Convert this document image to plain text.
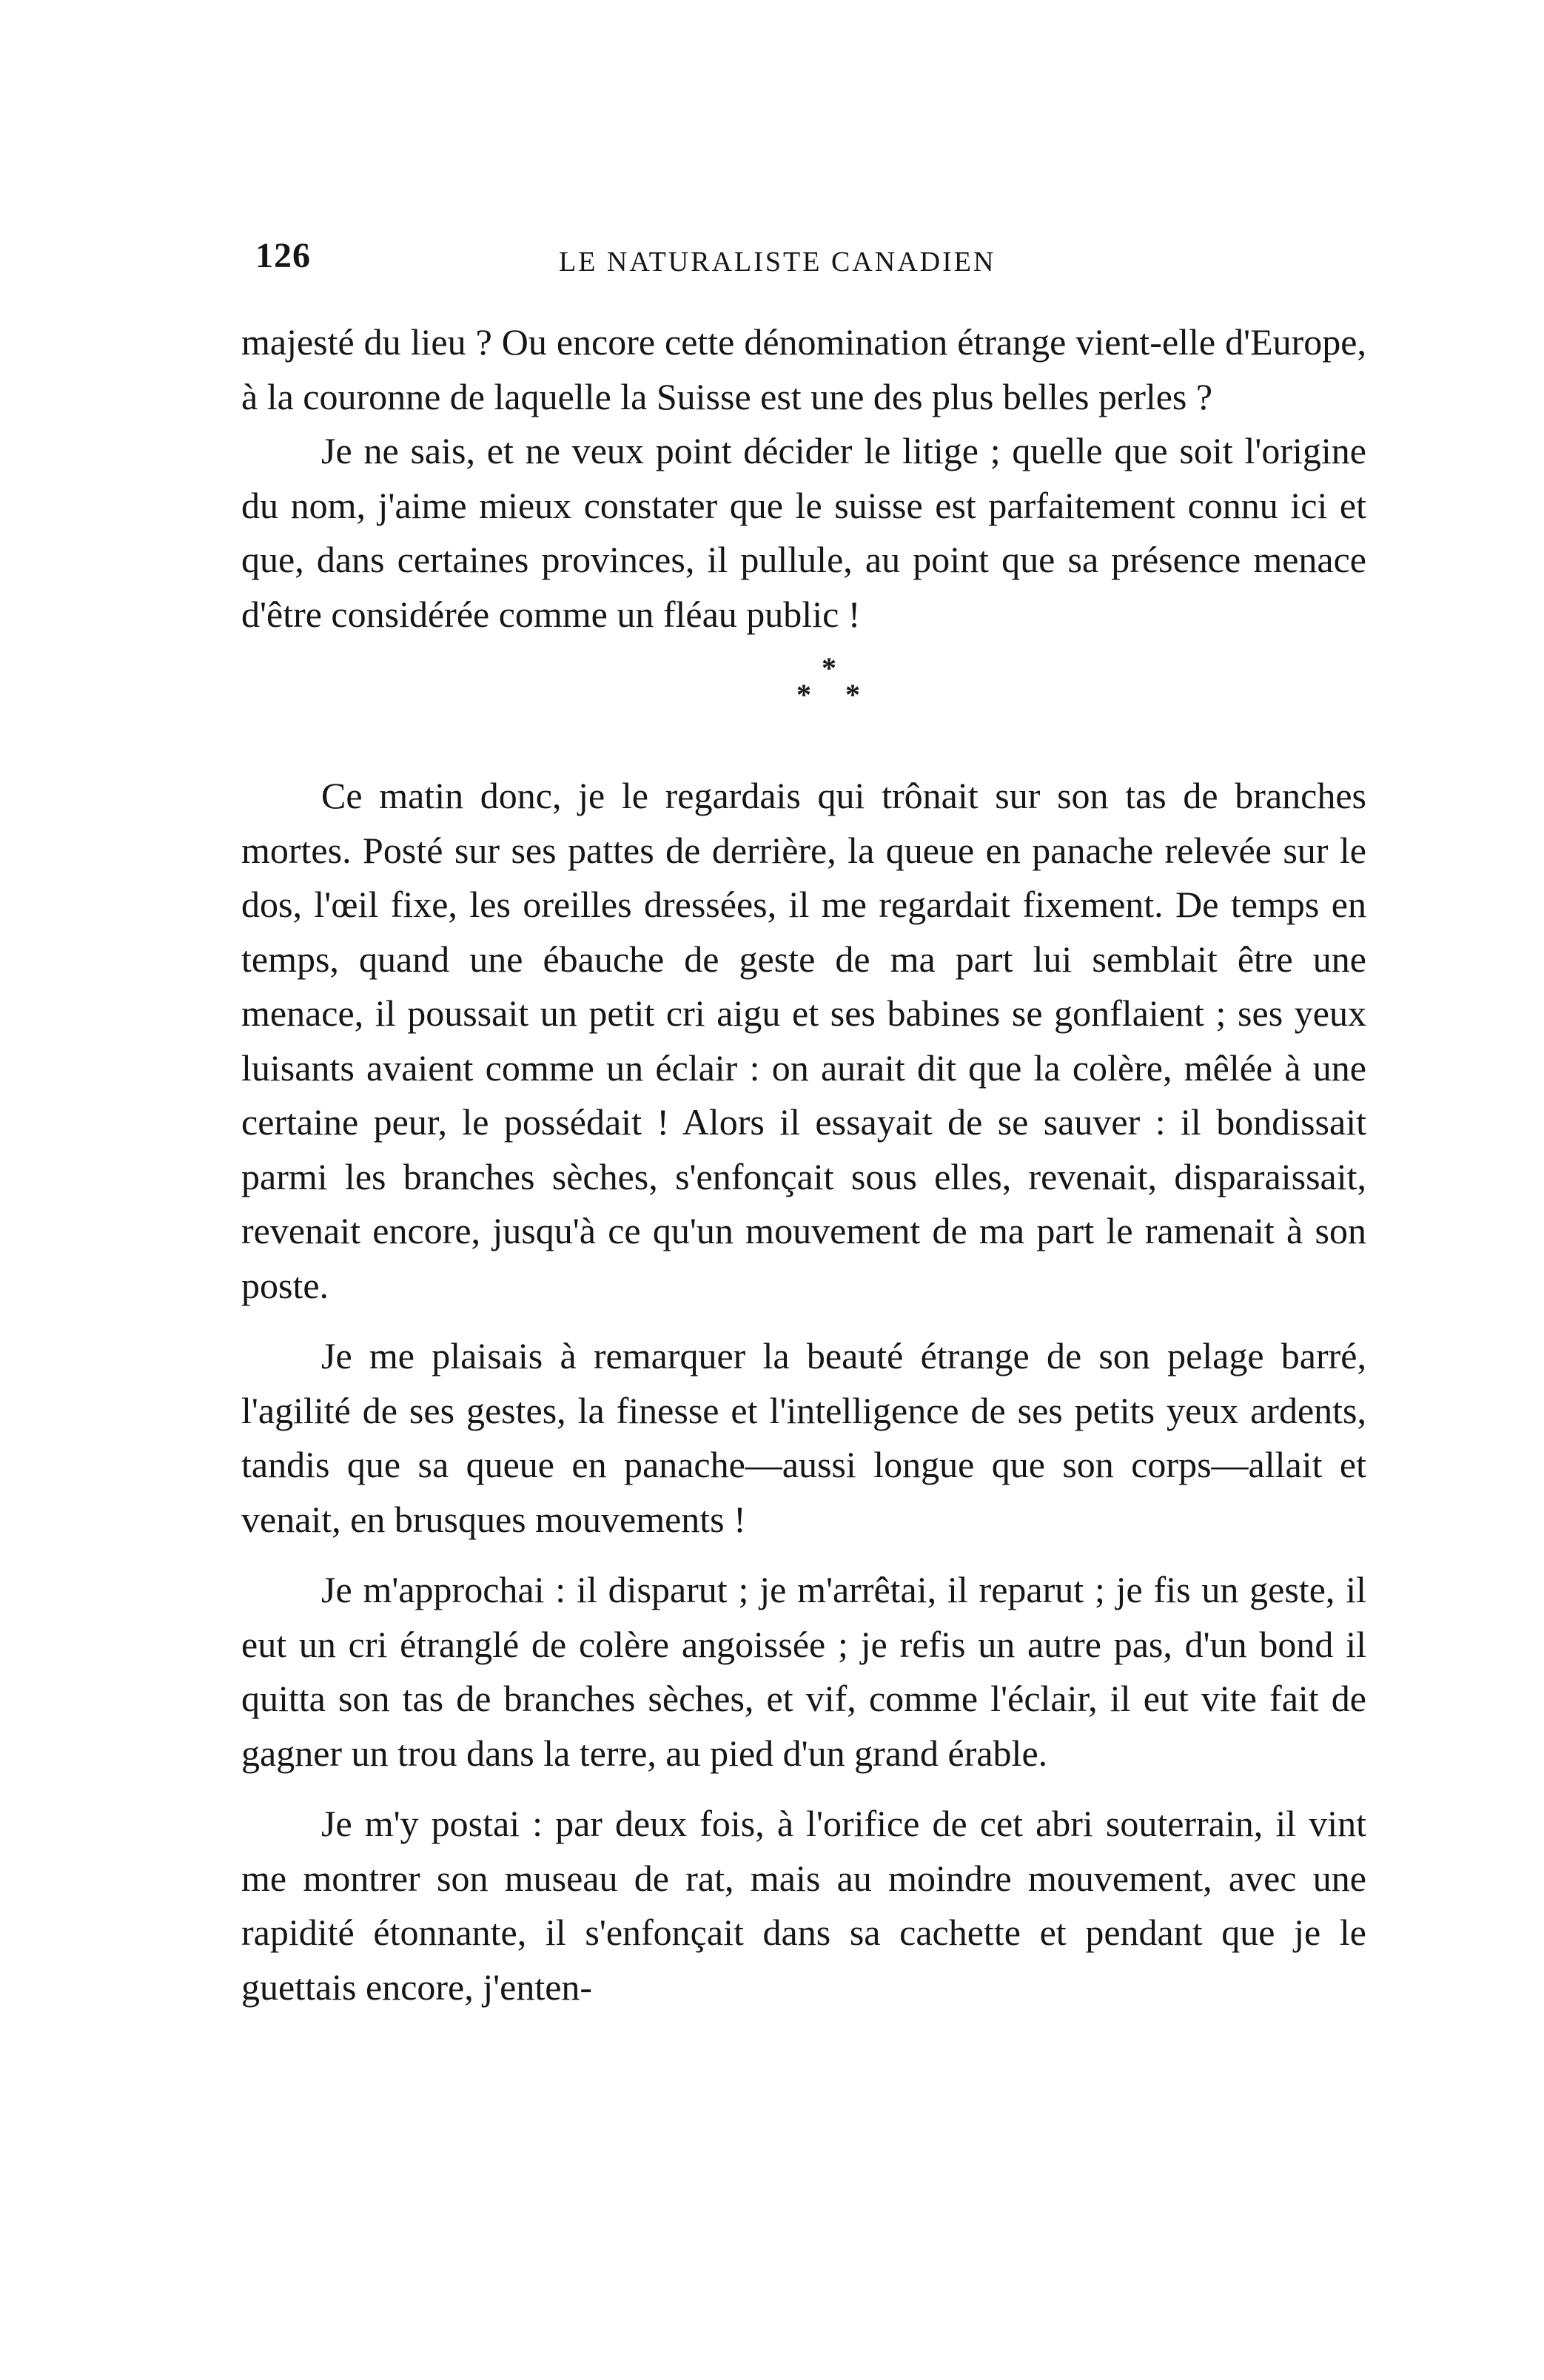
126	LE NATURALISTE CANADIEN

majesté du lieu ? Ou encore cette dénomination étrange vient-elle d'Europe, à la couronne de laquelle la Suisse est une des plus belles perles ?

Je ne sais, et ne veux point décider le litige ; quelle que soit l'origine du nom, j'aime mieux constater que le suisse est parfaitement connu ici et que, dans certaines provinces, il pullule, au point que sa présence menace d'être considérée comme un fléau public !

*
* *

Ce matin donc, je le regardais qui trônait sur son tas de branches mortes. Posté sur ses pattes de derrière, la queue en panache relevée sur le dos, l'œil fixe, les oreilles dressées, il me regardait fixement. De temps en temps, quand une ébauche de geste de ma part lui semblait être une menace, il poussait un petit cri aigu et ses babines se gonflaient ; ses yeux luisants avaient comme un éclair : on aurait dit que la colère, mêlée à une certaine peur, le possédait ! Alors il essayait de se sauver : il bondissait parmi les branches sèches, s'enfonçait sous elles, revenait, disparaissait, revenait encore, jusqu'à ce qu'un mouvement de ma part le ramenait à son poste.

Je me plaisais à remarquer la beauté étrange de son pelage barré, l'agilité de ses gestes, la finesse et l'intelligence de ses petits yeux ardents, tandis que sa queue en panache—aussi longue que son corps—allait et venait, en brusques mouvements !

Je m'approchai : il disparut ; je m'arrêtai, il reparut ; je fis un geste, il eut un cri étranglé de colère angoissée ; je refis un autre pas, d'un bond il quitta son tas de branches sèches, et vif, comme l'éclair, il eut vite fait de gagner un trou dans la terre, au pied d'un grand érable.

Je m'y postai : par deux fois, à l'orifice de cet abri souterrain, il vint me montrer son museau de rat, mais au moindre mouvement, avec une rapidité étonnante, il s'enfonçait dans sa cachette et pendant que je le guettais encore, j'enten-
